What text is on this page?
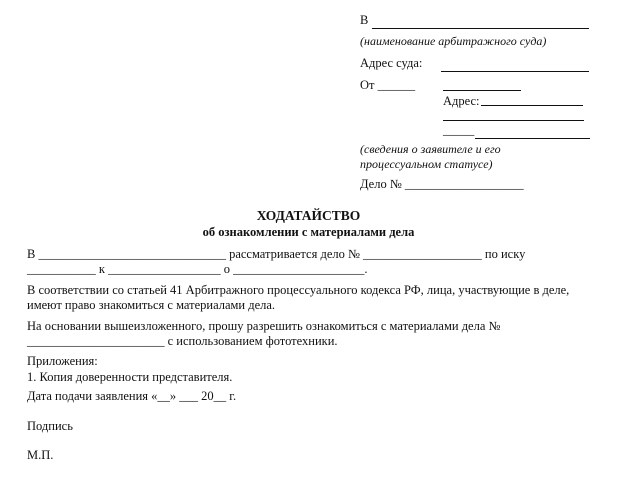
В
(наименование арбитражного суда)
Адрес суда:
От ______
Адрес:
_____
(сведения о заявителе и его
процессуальном статусе)
Дело № ___________________
ХОДАТАЙСТВО
об ознакомлении с материалами дела
В ______________________________ рассматривается дело № ___________________ по иску
___________ к __________________ о _____________________.
В соответствии со статьей 41 Арбитражного процессуального кодекса РФ, лица, участвующие в деле,
имеют право знакомиться с материалами дела.
На основании вышеизложенного, прошу разрешить ознакомиться с материалами дела №
______________________ с использованием фототехники.
Приложения:
1. Копия доверенности представителя.
Дата подачи заявления «__» ___ 20__ г.
Подпись
М.П.
